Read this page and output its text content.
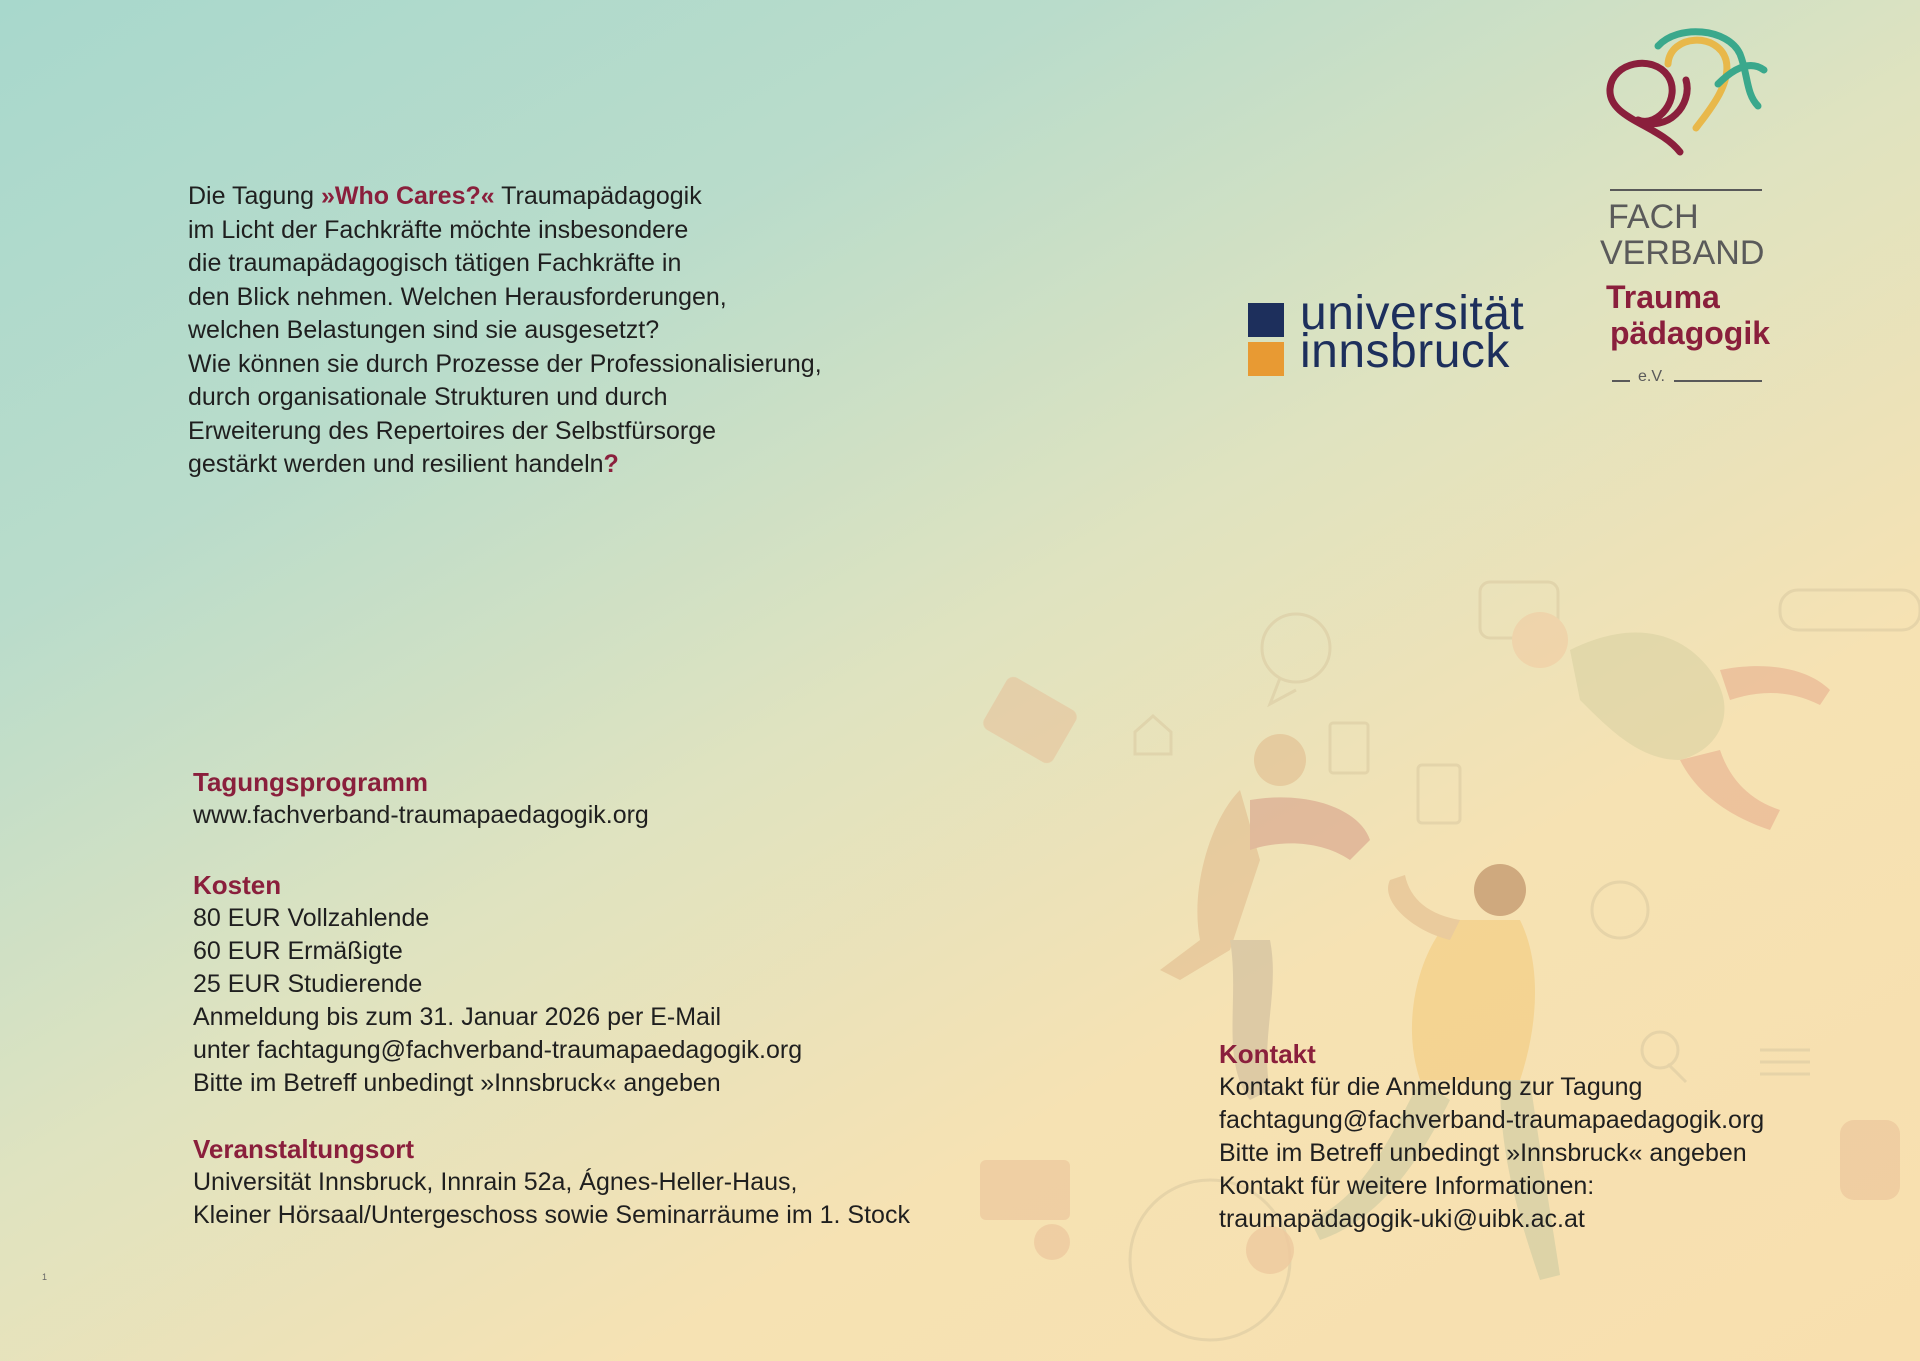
Die Tagung »Who Cares?« Traumapädagogik

im Licht der Fachkräfte möchte insbesondere

die traumapädagogisch tätigen Fachkräfte in

den Blick nehmen. Welchen Herausforderungen,

welchen Belastungen sind sie ausgesetzt?

Wie können sie durch Prozesse der Professionalisierung,

durch organisationale Strukturen und durch

Erweiterung des Repertoires der Selbstfürsorge

gestärkt werden und resilient handeln?

universität
innsbruck
FACH
VERBAND
Trauma
pädagogik
e.V.
Tagungsprogramm
www.fachverband-traumapaedagogik.org
Kosten
80 EUR Vollzahlende
60 EUR Ermäßigte
25 EUR Studierende
Anmeldung bis zum 31. Januar 2026 per E-Mail
unter fachtagung@fachverband-traumapaedagogik.org
Bitte im Betreff unbedingt »Innsbruck« angeben
Veranstaltungsort
Universität Innsbruck, Innrain 52a, Ágnes-Heller-Haus,
Kleiner Hörsaal/Untergeschoss sowie Seminarräume im 1. Stock
Kontakt
Kontakt für die Anmeldung zur Tagung
fachtagung@fachverband-traumapaedagogik.org
Bitte im Betreff unbedingt »Innsbruck« angeben
Kontakt für weitere Informationen:
traumapädagogik-uki@uibk.ac.at
1
